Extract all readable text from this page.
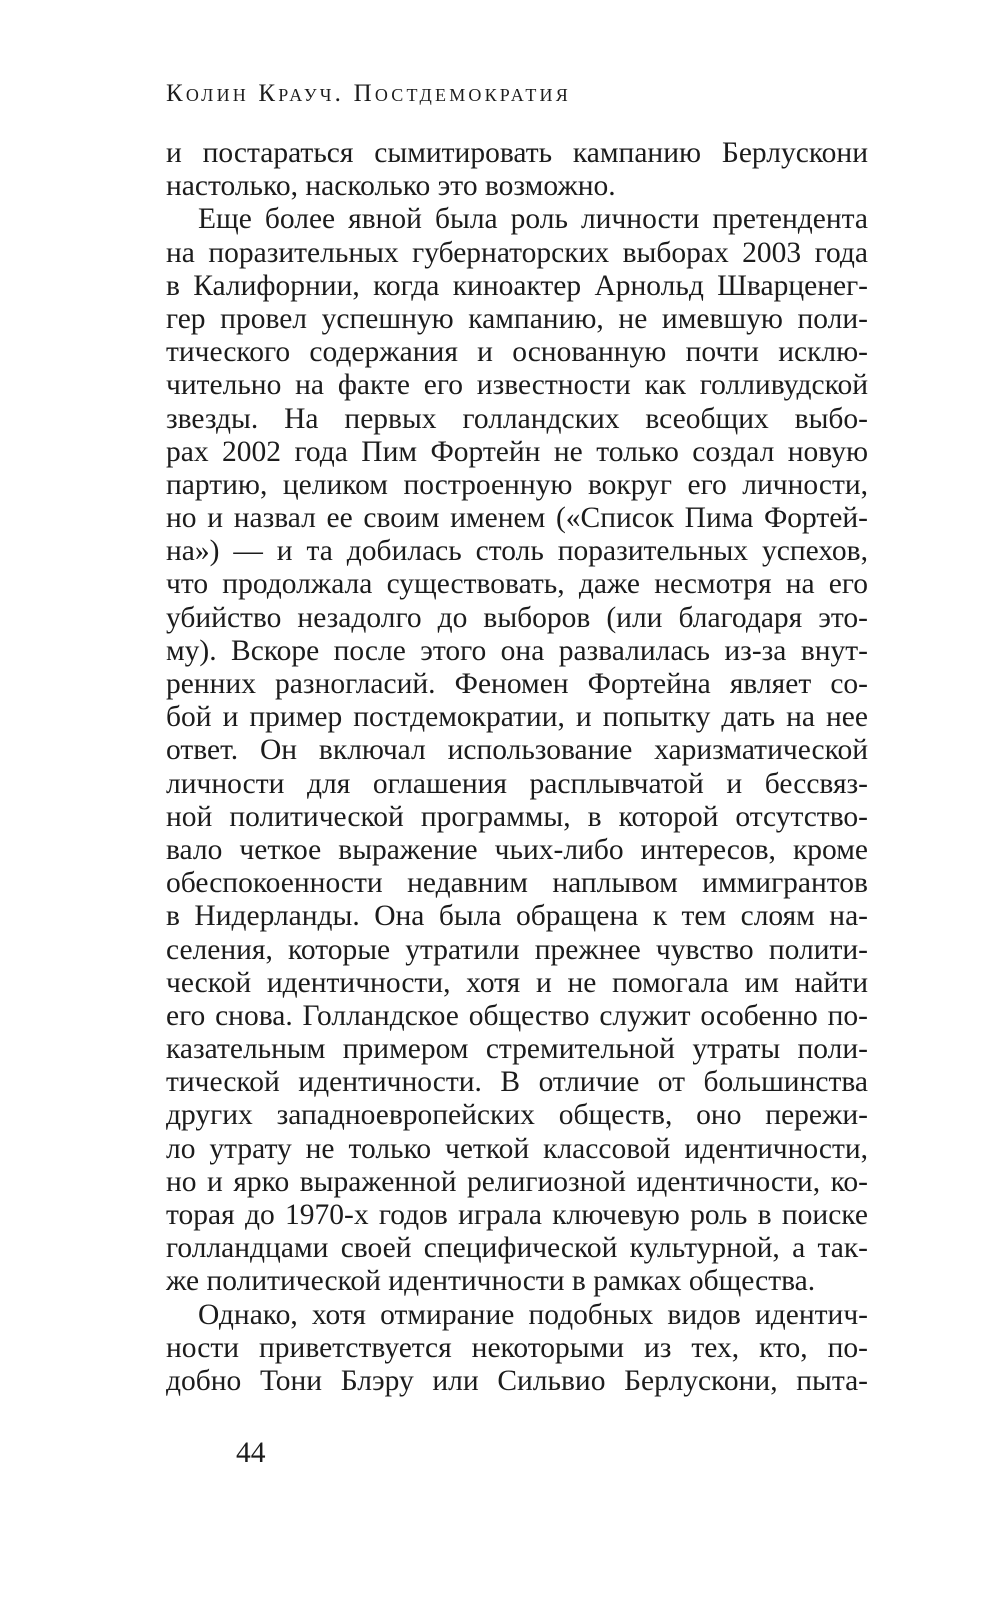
Колин Крауч. Постдемократия
и постараться сымитировать кампанию Берлускони
настолько, насколько это возможно.
Еще более явной была роль личности претендента
на поразительных губернаторских выборах 2003 года
в Калифорнии, когда киноактер Арнольд Шварценег-
гер провел успешную кампанию, не имевшую поли-
тического содержания и основанную почти исклю-
чительно на факте его известности как голливудской
звезды. На первых голландских всеобщих выбо-
рах 2002 года Пим Фортейн не только создал новую
партию, целиком построенную вокруг его личности,
но и назвал ее своим именем («Список Пима Фортей-
на») — и та добилась столь поразительных успехов,
что продолжала существовать, даже несмотря на его
убийство незадолго до выборов (или благодаря это-
му). Вскоре после этого она развалилась из-за внут-
ренних разногласий. Феномен Фортейна являет со-
бой и пример постдемократии, и попытку дать на нее
ответ. Он включал использование харизматической
личности для оглашения расплывчатой и бессвяз-
ной политической программы, в которой отсутство-
вало четкое выражение чьих-либо интересов, кроме
обеспокоенности недавним наплывом иммигрантов
в Нидерланды. Она была обращена к тем слоям на-
селения, которые утратили прежнее чувство полити-
ческой идентичности, хотя и не помогала им найти
его снова. Голландское общество служит особенно по-
казательным примером стремительной утраты поли-
тической идентичности. В отличие от большинства
других западноевропейских обществ, оно пережи-
ло утрату не только четкой классовой идентичности,
но и ярко выраженной религиозной идентичности, ко-
торая до 1970-х годов играла ключевую роль в поиске
голландцами своей специфической культурной, а так-
же политической идентичности в рамках общества.
Однако, хотя отмирание подобных видов идентич-
ности приветствуется некоторыми из тех, кто, по-
добно Тони Блэру или Сильвио Берлускони, пыта-
44
